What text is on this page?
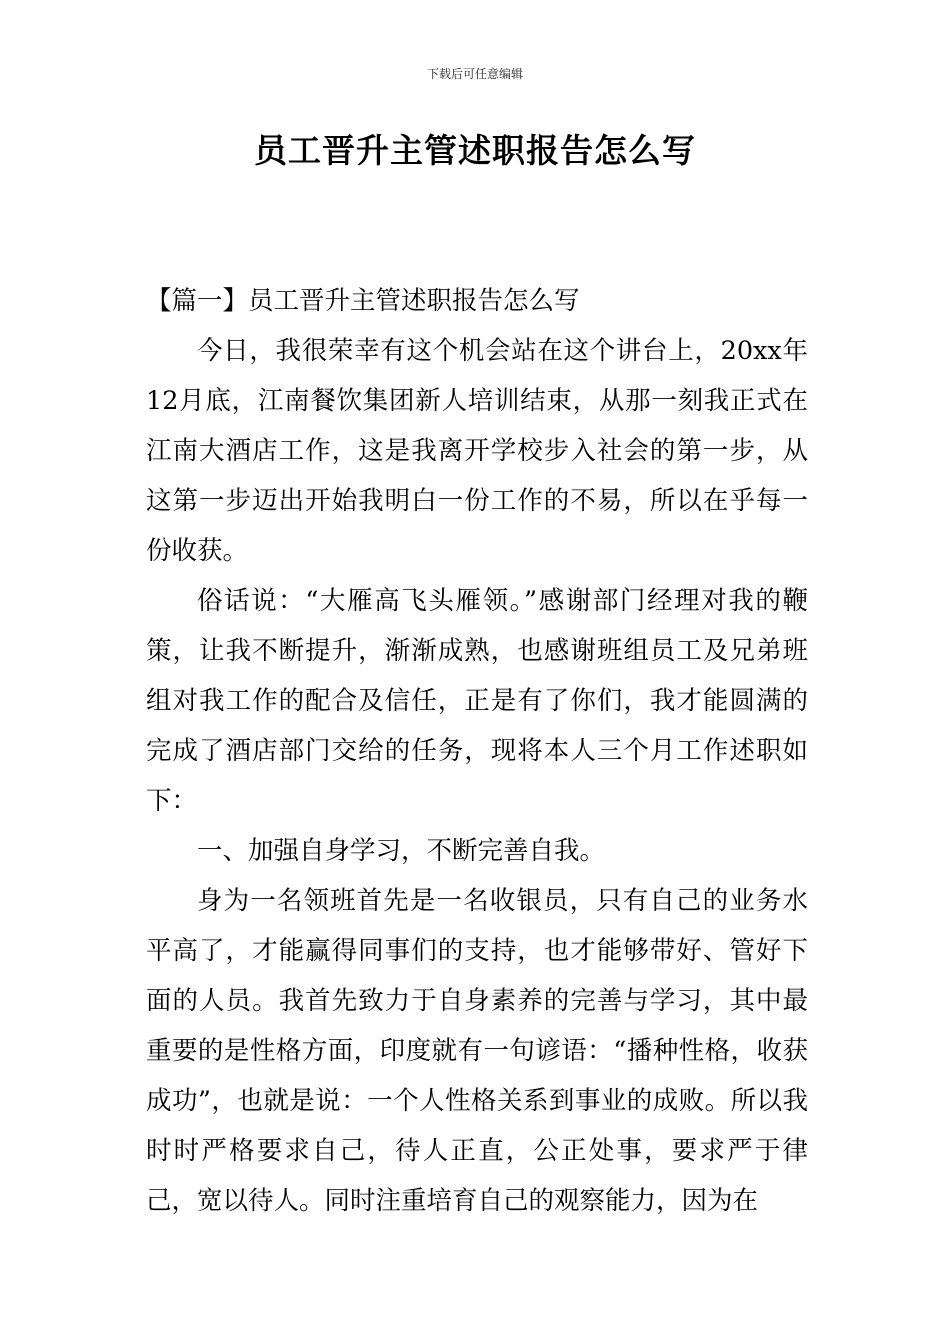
下载后可任意编辑
员工晋升主管述职报告怎么写

【篇一】员工晋升主管述职报告怎么写

今日，我很荣幸有这个机会站在这个讲台上，20xx年12月底，江南餐饮集团新人培训结束，从那一刻我正式在江南大酒店工作，这是我离开学校步入社会的第一步，从这第一步迈出开始我明白一份工作的不易，所以在乎每一份收获。

俗话说：“大雁高飞头雁领。”感谢部门经理对我的鞭策，让我不断提升，渐渐成熟，也感谢班组员工及兄弟班组对我工作的配合及信任，正是有了你们，我才能圆满的完成了酒店部门交给的任务，现将本人三个月工作述职如下：

一、加强自身学习，不断完善自我。

身为一名领班首先是一名收银员，只有自己的业务水平高了，才能赢得同事们的支持，也才能够带好、管好下面的人员。我首先致力于自身素养的完善与学习，其中最重要的是性格方面，印度就有一句谚语：“播种性格，收获成功”，也就是说：一个人性格关系到事业的成败。所以我时时严格要求自己，待人正直，公正处事，要求严于律己，宽以待人。同时注重培育自己的观察能力，因为在
